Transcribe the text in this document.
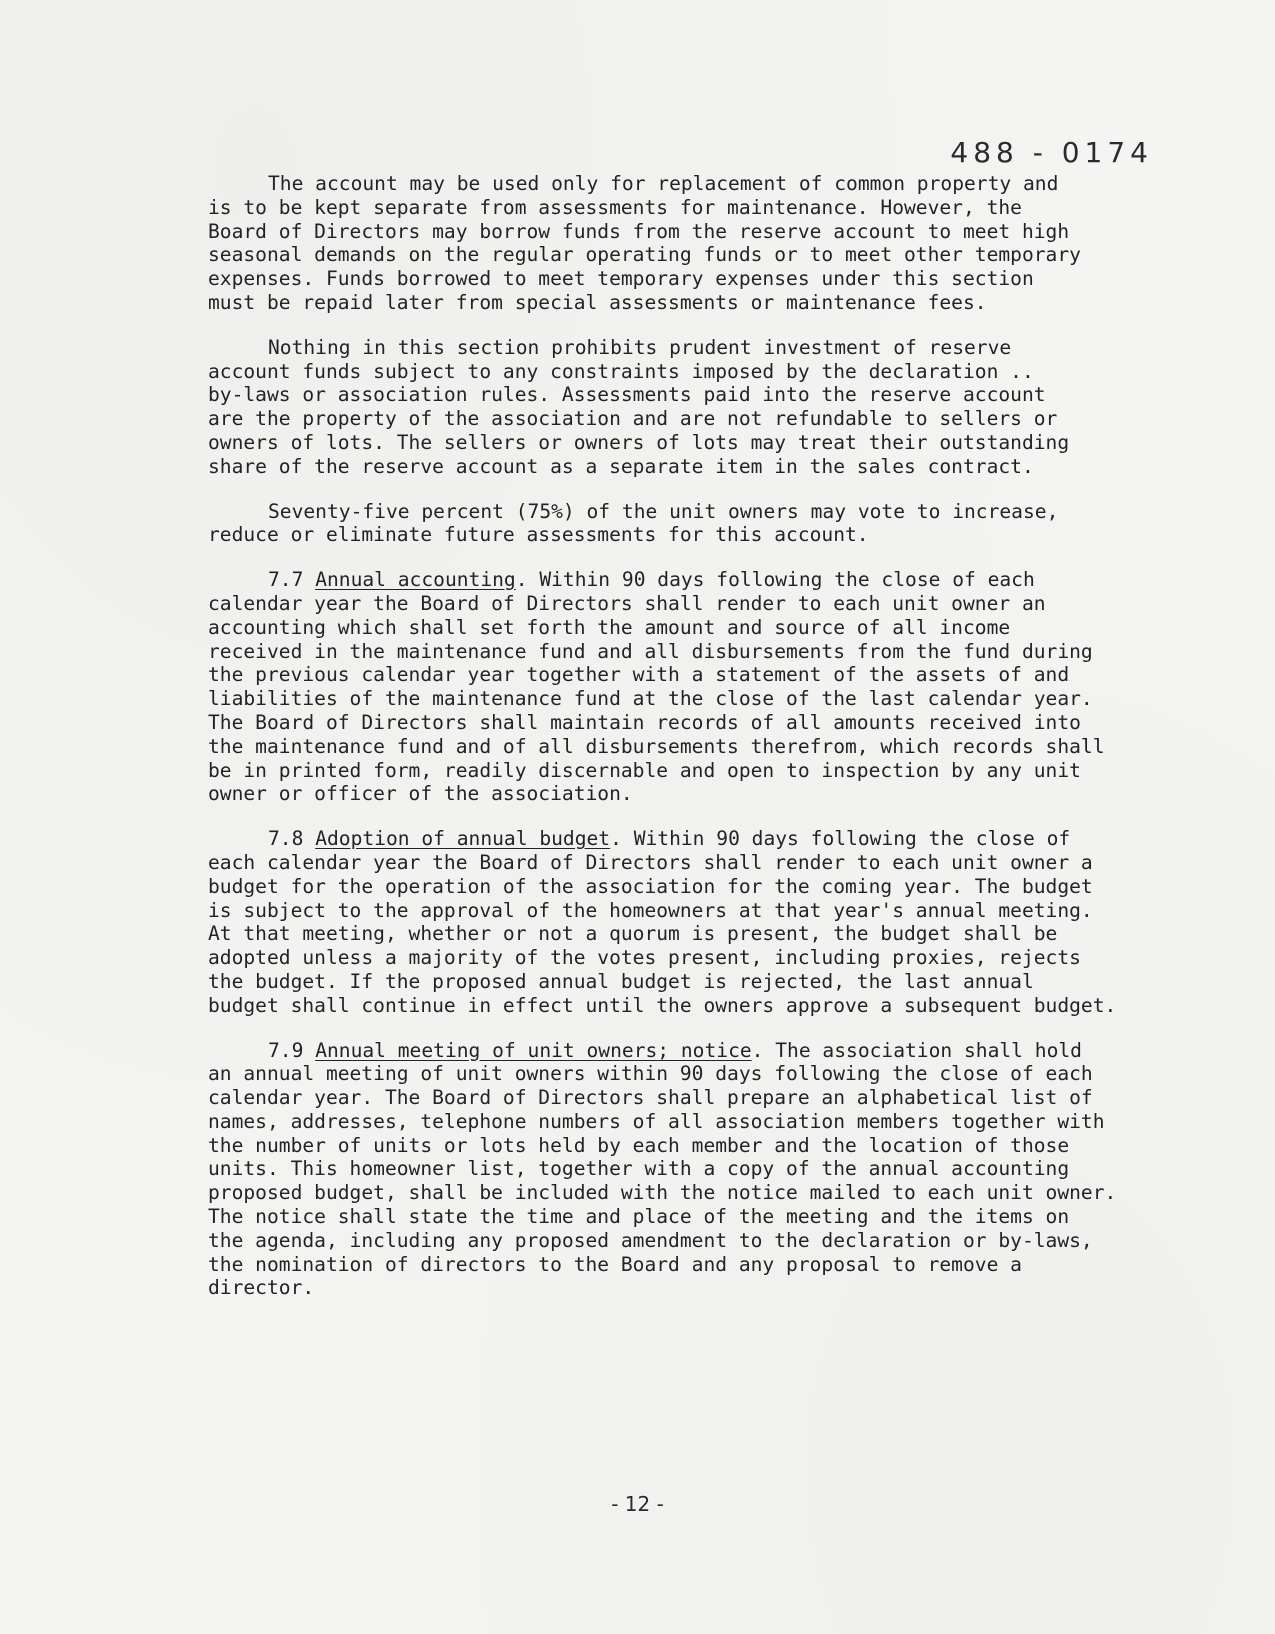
488 - 0174

The account may be used only for replacement of common property and
is to be kept separate from assessments for maintenance. However, the
Board of Directors may borrow funds from the reserve account to meet high
seasonal demands on the regular operating funds or to meet other temporary
expenses. Funds borrowed to meet temporary expenses under this section
must be repaid later from special assessments or maintenance fees.

Nothing in this section prohibits prudent investment of reserve
account funds subject to any constraints imposed by the declaration ..
by-laws or association rules. Assessments paid into the reserve account
are the property of the association and are not refundable to sellers or
owners of lots. The sellers or owners of lots may treat their outstanding
share of the reserve account as a separate item in the sales contract.

Seventy-five percent (75%) of the unit owners may vote to increase,
reduce or eliminate future assessments for this account.

7.7 Annual accounting. Within 90 days following the close of each
calendar year the Board of Directors shall render to each unit owner an
accounting which shall set forth the amount and source of all income
received in the maintenance fund and all disbursements from the fund during
the previous calendar year together with a statement of the assets of and
liabilities of the maintenance fund at the close of the last calendar year.
The Board of Directors shall maintain records of all amounts received into
the maintenance fund and of all disbursements therefrom, which records shall
be in printed form, readily discernable and open to inspection by any unit
owner or officer of the association.

7.8 Adoption of annual budget. Within 90 days following the close of
each calendar year the Board of Directors shall render to each unit owner a
budget for the operation of the association for the coming year. The budget
is subject to the approval of the homeowners at that year's annual meeting.
At that meeting, whether or not a quorum is present, the budget shall be
adopted unless a majority of the votes present, including proxies, rejects
the budget. If the proposed annual budget is rejected, the last annual
budget shall continue in effect until the owners approve a subsequent budget.

7.9 Annual meeting of unit owners; notice. The association shall hold
an annual meeting of unit owners within 90 days following the close of each
calendar year. The Board of Directors shall prepare an alphabetical list of
names, addresses, telephone numbers of all association members together with
the number of units or lots held by each member and the location of those
units. This homeowner list, together with a copy of the annual accounting
proposed budget, shall be included with the notice mailed to each unit owner.
The notice shall state the time and place of the meeting and the items on
the agenda, including any proposed amendment to the declaration or by-laws,
the nomination of directors to the Board and any proposal to remove a
director.

- 12 -
